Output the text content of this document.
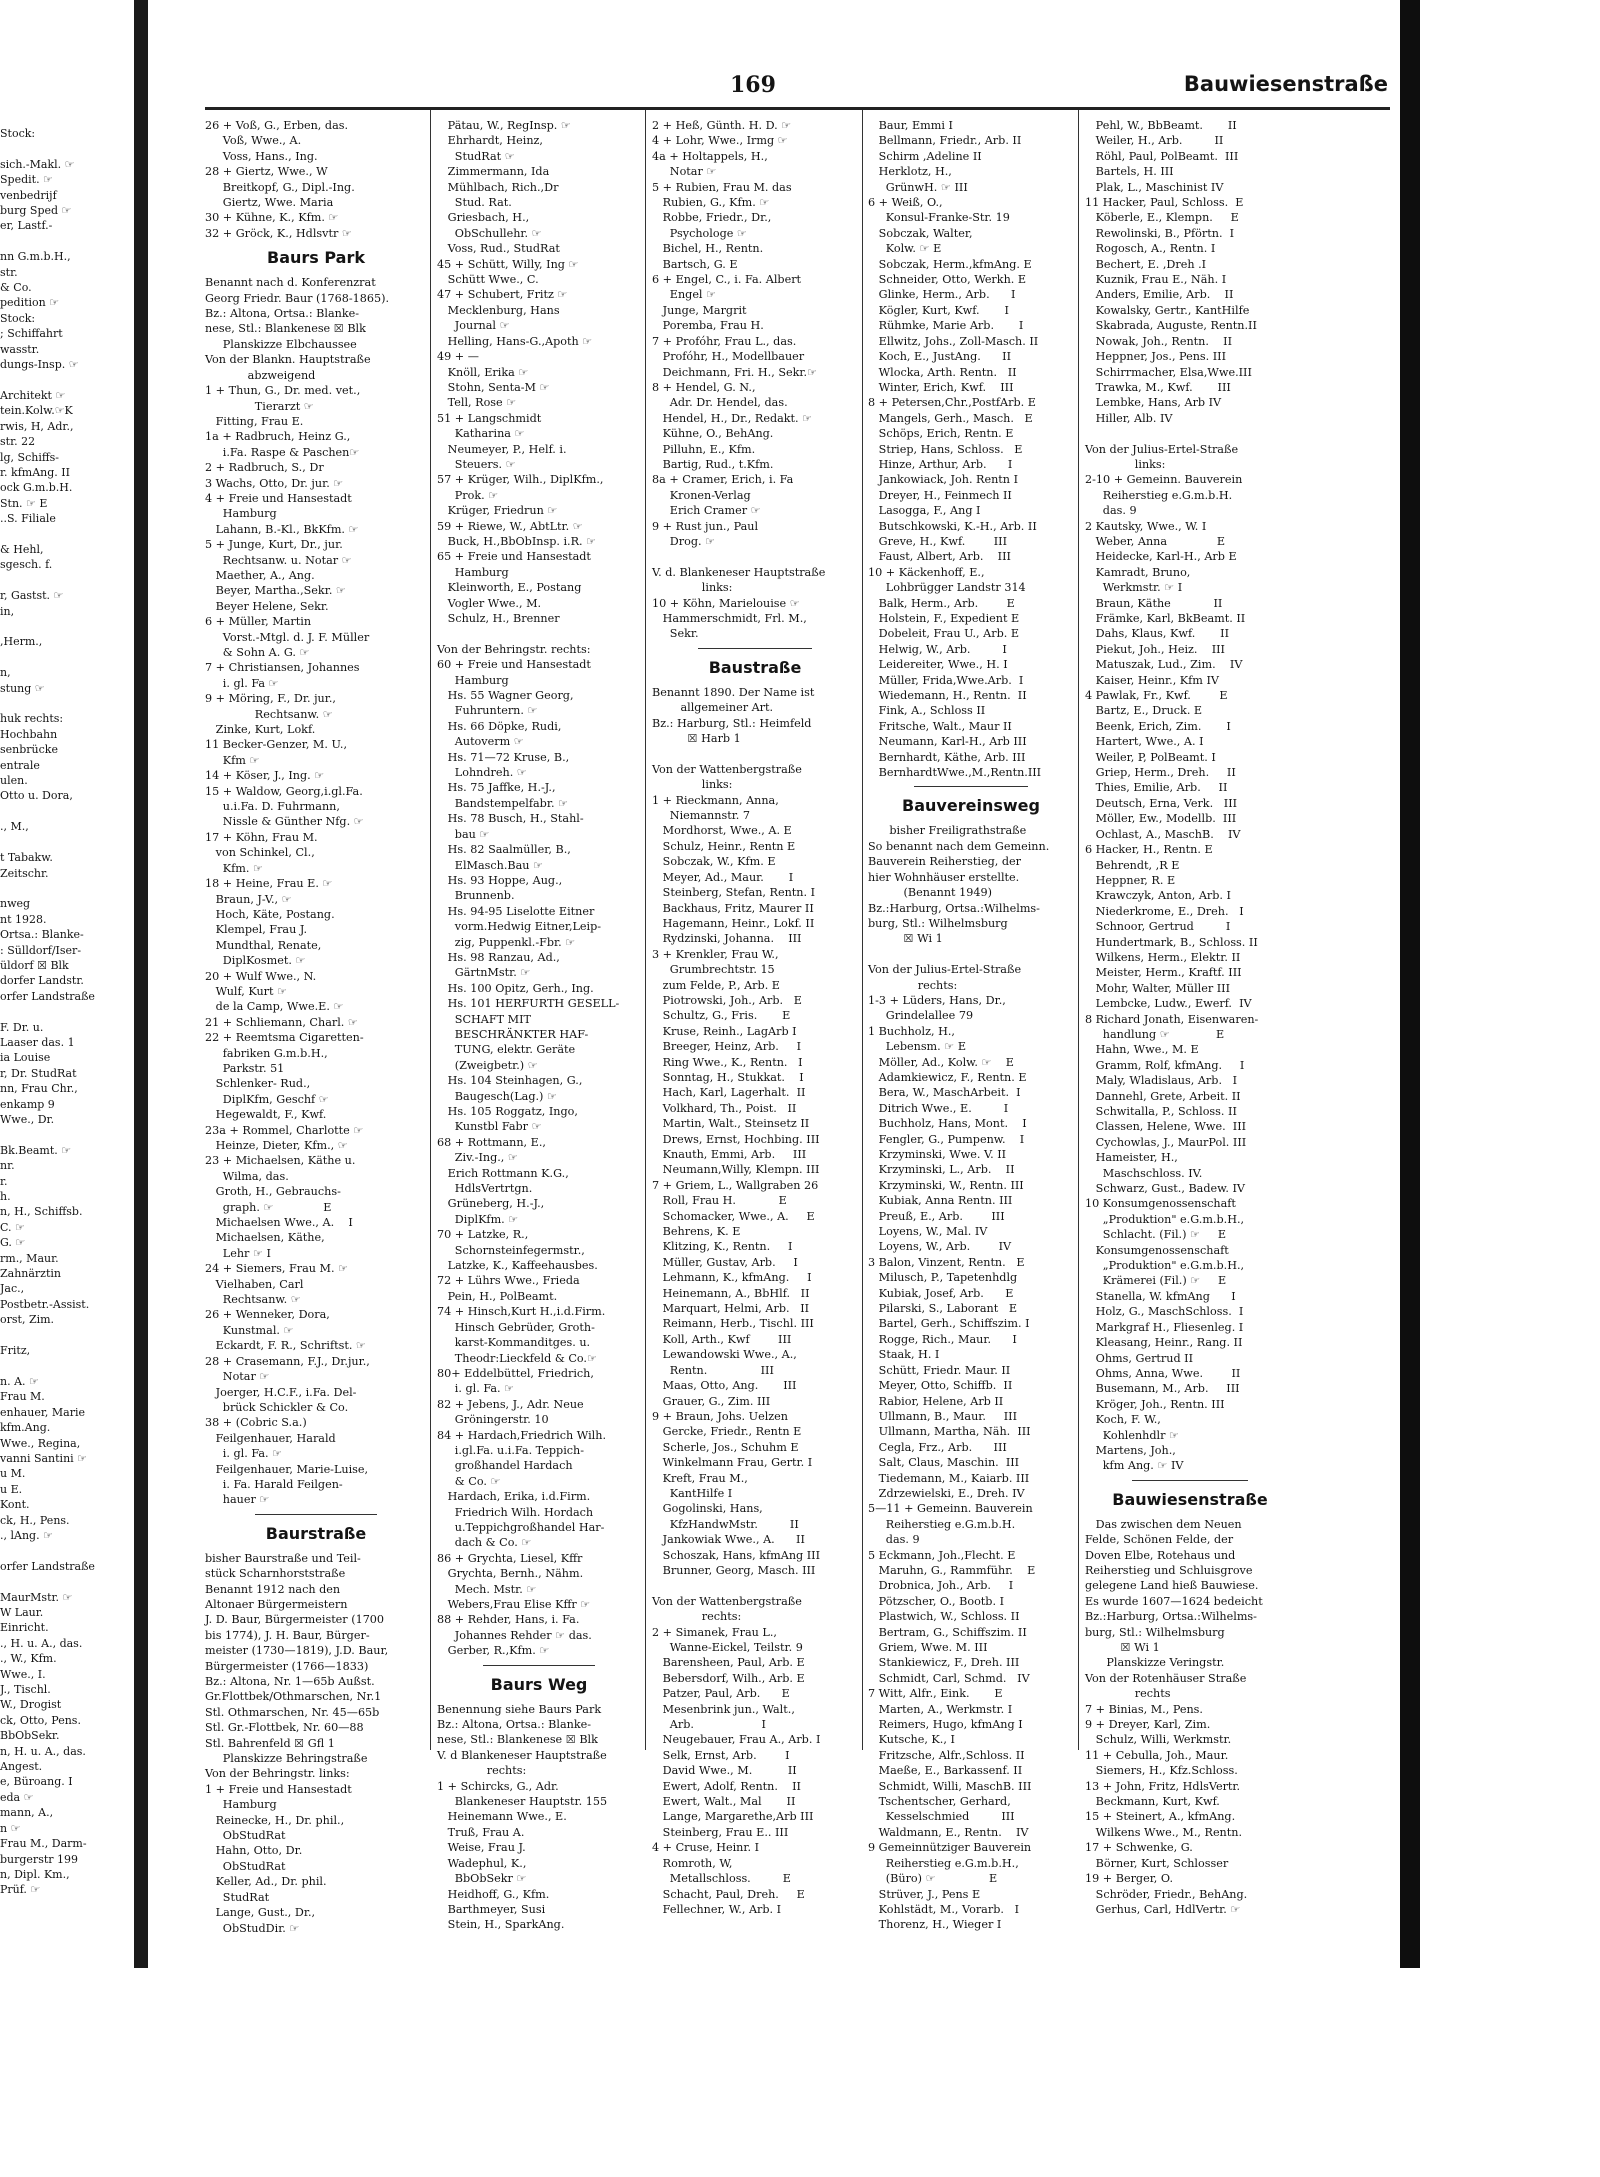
Stock:

sich.-Makl. ☞
Spedit. ☞
venbedrijf
burg Sped ☞
er, Lastf.-

nn G.m.b.H.,
str.
& Co.
pedition ☞
Stock:
; Schiffahrt
wasstr.
dungs-Insp. ☞

Architekt ☞
tein.Kolw.☞K
rwis, H, Adr.,
str. 22
lg, Schiffs-
r. kfmAng. II
ock G.m.b.H.
Stn. ☞ E
..S. Filiale

& Hehl,
sgesch. f.

r, Gastst. ☞
in,

,Herm.,

n,
stung ☞

huk rechts:
Hochbahn
senbrücke
entrale
ulen.
Otto u. Dora,

., M.,

t Tabakw.
Zeitschr.

nweg
nt 1928.
Ortsa.: Blanke-
: Sülldorf/Iser-
üldorf ☒ Blk
dorfer Landstr.
orfer Landstraße

F. Dr. u.
Laaser das. 1
ia Louise
r, Dr. StudRat
nn, Frau Chr.,
enkamp 9
Wwe., Dr.

Bk.Beamt. ☞
nr.
r.
h.
n, H., Schiffsb.
C. ☞
G. ☞
rm., Maur.
Zahnärztin
Jac.,
Postbetr.-Assist.
orst, Zim.

Fritz,

n. A. ☞
Frau M.
enhauer, Marie
kfm.Ang.
Wwe., Regina,
vanni Santini ☞
u M.
u E.
Kont.
ck, H., Pens.
., lAng. ☞

orfer Landstraße

MaurMstr. ☞
W Laur.
Einricht.
., H. u. A., das.
., W., Kfm.
Wwe., I.
J., Tischl.
W., Drogist
ck, Otto, Pens.
BbObSekr.
n, H. u. A., das.
Angest.
e, Büroang. I
eda ☞
mann, A.,
n ☞
Frau M., Darm-
burgerstr 199
n, Dipl. Km.,
Prüf. ☞
169	Bauwiesenstraße
26 + Voß, G., Erben, das.
Voß, Wwe., A.
Voss, Hans., Ing.
28 + Giertz, Wwe., W
Breitkopf, G., Dipl.-Ing.
Giertz, Wwe. Maria
30 + Kühne, K., Kfm. ☞
32 + Gröck, K., Hdlsvtr ☞
Baurs Park
Benannt nach d. Konferenzrat
Georg Friedr. Baur (1768-1865).
Bz.: Altona, Ortsa.: Blanke-
nese, Stl.: Blankenese ☒ Blk
Planskizze Elbchaussee
Von der Blankn. Hauptstraße
abzweigend
1 + Thun, G., Dr. med. vet.,
Tierarzt ☞
Fitting, Frau E.
1a + Radbruch, Heinz G.,
i.Fa. Raspe & Paschen☞
2 + Radbruch, S., Dr
3 Wachs, Otto, Dr. jur. ☞
4 + Freie und Hansestadt
Hamburg
Lahann, B.-Kl., BkKfm. ☞
5 + Junge, Kurt, Dr., jur.
Rechtsanw. u. Notar ☞
Maether, A., Ang.
Beyer, Martha.,Sekr. ☞
Beyer Helene, Sekr.
6 + Müller, Martin
Vorst.-Mtgl. d. J. F. Müller
& Sohn A. G. ☞
7 + Christiansen, Johannes
i. gl. Fa ☞
9 + Möring, F., Dr. jur.,
Rechtsanw. ☞
Zinke, Kurt, Lokf.
11 Becker-Genzer, M. U.,
Kfm ☞
14 + Köser, J., Ing. ☞
15 + Waldow, Georg,i.gl.Fa.
u.i.Fa. D. Fuhrmann,
Nissle & Günther Nfg. ☞
17 + Köhn, Frau M.
von Schinkel, Cl.,
Kfm. ☞
18 + Heine, Frau E. ☞
Braun, J-V., ☞
Hoch, Käte, Postang.
Klempel, Frau J.
Mundthal, Renate,
DiplKosmet. ☞
20 + Wulf Wwe., N.
Wulf, Kurt ☞
de la Camp, Wwe.E. ☞
21 + Schliemann, Charl. ☞
22 + Reemtsma Cigaretten-
fabriken G.m.b.H.,
Parkstr. 51
Schlenker- Rud.,
DiplKfm, Geschf ☞
Hegewaldt, F., Kwf.
23a + Rommel, Charlotte ☞
Heinze, Dieter, Kfm., ☞
23 + Michaelsen, Käthe u.
Wilma, das.
Groth, H., Gebrauchs-
graph. ☞              E
Michaelsen Wwe., A.    I
Michaelsen, Käthe,
Lehr ☞ I
24 + Siemers, Frau M. ☞
Vielhaben, Carl
Rechtsanw. ☞
26 + Wenneker, Dora,
Kunstmal. ☞
Eckardt, F. R., Schriftst. ☞
28 + Crasemann, F.J., Dr.jur.,
Notar ☞
Joerger, H.C.F., i.Fa. Del-
brück Schickler & Co.
38 + (Cobric S.a.)
Feilgenhauer, Harald
i. gl. Fa. ☞
Feilgenhauer, Marie-Luise,
i. Fa. Harald Feilgen-
hauer ☞
Baurstraße
bisher Baurstraße und Teil-
stück Scharnhorststraße
Benannt 1912 nach den
Altonaer Bürgermeistern
J. D. Baur, Bürgermeister (1700
bis 1774), J. H. Baur, Bürger-
meister (1730—1819), J.D. Baur,
Bürgermeister (1766—1833)
Bz.: Altona, Nr. 1—65b Außst.
Gr.Flottbek/Othmarschen, Nr.1
Stl. Othmarschen, Nr. 45—65b
Stl. Gr.-Flottbek, Nr. 60—88
Stl. Bahrenfeld ☒ Gfl 1
Planskizze Behringstraße
Von der Behringstr. links:
1 + Freie und Hansestadt
Hamburg
Reinecke, H., Dr. phil.,
ObStudRat
Hahn, Otto, Dr.
ObStudRat
Keller, Ad., Dr. phil.
StudRat
Lange, Gust., Dr.,
ObStudDir. ☞
Pätau, W., RegInsp. ☞
Ehrhardt, Heinz,
StudRat ☞
Zimmermann, Ida
Mühlbach, Rich.,Dr
Stud. Rat.
Griesbach, H.,
ObSchullehr. ☞
Voss, Rud., StudRat
45 + Schütt, Willy, Ing ☞
Schütt Wwe., C.
47 + Schubert, Fritz ☞
Mecklenburg, Hans
Journal ☞
Helling, Hans-G.,Apoth ☞
49 + —
Knöll, Erika ☞
Stohn, Senta-M ☞
Tell, Rose ☞
51 + Langschmidt
Katharina ☞
Neumeyer, P., Helf. i.
Steuers. ☞
57 + Krüger, Wilh., DiplKfm.,
Prok. ☞
Krüger, Friedrun ☞
59 + Riewe, W., AbtLtr. ☞
Buck, H.,BbObInsp. i.R. ☞
65 + Freie und Hansestadt
Hamburg
Kleinworth, E., Postang
Vogler Wwe., M.
Schulz, H., Brenner

Von der Behringstr. rechts:
60 + Freie und Hansestadt
Hamburg
Hs. 55 Wagner Georg,
Fuhruntern. ☞
Hs. 66 Döpke, Rudi,
Autoverm ☞
Hs. 71—72 Kruse, B.,
Lohndreh. ☞
Hs. 75 Jaffke, H.-J.,
Bandstempelfabr. ☞
Hs. 78 Busch, H., Stahl-
bau ☞
Hs. 82 Saalmüller, B.,
ElMasch.Bau ☞
Hs. 93 Hoppe, Aug.,
Brunnenb.
Hs. 94-95 Liselotte Eitner
vorm.Hedwig Eitner,Leip-
zig, Puppenkl.-Fbr. ☞
Hs. 98 Ranzau, Ad.,
GärtnMstr. ☞
Hs. 100 Opitz, Gerh., Ing.
Hs. 101 HERFURTH GESELL-
SCHAFT MIT
BESCHRÄNKTER HAF-
TUNG, elektr. Geräte
(Zweigbetr.) ☞
Hs. 104 Steinhagen, G.,
Baugesch(Lag.) ☞
Hs. 105 Roggatz, Ingo,
Kunstbl Fabr ☞
68 + Rottmann, E.,
Ziv.-Ing., ☞
Erich Rottmann K.G.,
HdlsVertrtgn.
Grüneberg, H.-J.,
DiplKfm. ☞
70 + Latzke, R.,
Schornsteinfegermstr.,
Latzke, K., Kaffeehausbes.
72 + Lührs Wwe., Frieda
Pein, H., PolBeamt.
74 + Hinsch,Kurt H.,i.d.Firm.
Hinsch Gebrüder, Groth-
karst-Kommanditges. u.
Theodr:Lieckfeld & Co.☞
80+ Eddelbüttel, Friedrich,
i. gl. Fa. ☞
82 + Jebens, J., Adr. Neue
Gröningerstr. 10
84 + Hardach,Friedrich Wilh.
i.gl.Fa. u.i.Fa. Teppich-
großhandel Hardach
& Co. ☞
Hardach, Erika, i.d.Firm.
Friedrich Wilh. Hordach
u.Teppichgroßhandel Har-
dach & Co. ☞
86 + Grychta, Liesel, Kffr
Grychta, Bernh., Nähm.
Mech. Mstr. ☞
Webers,Frau Elise Kffr ☞
88 + Rehder, Hans, i. Fa.
Johannes Rehder ☞ das.
Gerber, R.,Kfm. ☞
Baurs Weg
Benennung siehe Baurs Park
Bz.: Altona, Ortsa.: Blanke-
nese, Stl.: Blankenese ☒ Blk
V. d Blankeneser Hauptstraße
rechts:
1 + Schircks, G., Adr.
Blankeneser Hauptstr. 155
Heinemann Wwe., E.
Truß, Frau A.
Weise, Frau J.
Wadephul, K.,
BbObSekr ☞
Heidhoff, G., Kfm.
Barthmeyer, Susi
Stein, H., SparkAng.
2 + Heß, Günth. H. D. ☞
4 + Lohr, Wwe., Irmg ☞
4a + Holtappels, H.,
Notar ☞
5 + Rubien, Frau M. das
Rubien, G., Kfm. ☞
Robbe, Friedr., Dr.,
Psychologe ☞
Bichel, H., Rentn.
Bartsch, G. E
6 + Engel, C., i. Fa. Albert
Engel ☞
Junge, Margrit
Poremba, Frau H.
7 + Profóhr, Frau L., das.
Profóhr, H., Modellbauer
Deichmann, Fri. H., Sekr.☞
8 + Hendel, G. N.,
Adr. Dr. Hendel, das.
Hendel, H., Dr., Redakt. ☞
Kühne, O., BehAng.
Pilluhn, E., Kfm.
Bartig, Rud., t.Kfm.
8a + Cramer, Erich, i. Fa
Kronen-Verlag
Erich Cramer ☞
9 + Rust jun., Paul
Drog. ☞

V. d. Blankeneser Hauptstraße
links:
10 + Köhn, Marielouise ☞
Hammerschmidt, Frl. M.,
Sekr.
Baustraße
Benannt 1890. Der Name ist
allgemeiner Art.
Bz.: Harburg, Stl.: Heimfeld
☒ Harb 1

Von der Wattenbergstraße
links:
1 + Rieckmann, Anna,
Niemannstr. 7
Mordhorst, Wwe., A. E
Schulz, Heinr., Rentn E
Sobczak, W., Kfm. E
Meyer, Ad., Maur.       I
Steinberg, Stefan, Rentn. I
Backhaus, Fritz, Maurer II
Hagemann, Heinr., Lokf. II
Rydzinski, Johanna.    III
3 + Krenkler, Frau W.,
Grumbrechtstr. 15
zum Felde, P., Arb. E
Piotrowski, Joh., Arb.   E
Schultz, G., Fris.       E
Kruse, Reinh., LagArb I
Breeger, Heinz, Arb.     I
Ring Wwe., K., Rentn.   I
Sonntag, H., Stukkat.    I
Hach, Karl, Lagerhalt.  II
Volkhard, Th., Poist.   II
Martin, Walt., Steinsetz II
Drews, Ernst, Hochbing. III
Knauth, Emmi, Arb.     III
Neumann,Willy, Klempn. III
7 + Griem, L., Wallgraben 26
Roll, Frau H.            E
Schomacker, Wwe., A.     E
Behrens, K. E
Klitzing, K., Rentn.     I
Müller, Gustav, Arb.     I
Lehmann, K., kfmAng.     I
Heinemann, A., BbHlf.   II
Marquart, Helmi, Arb.   II
Reimann, Herb., Tischl. III
Koll, Arth., Kwf        III
Lewandowski Wwe., A.,
Rentn.               III
Maas, Otto, Ang.       III
Grauer, G., Zim. III
9 + Braun, Johs. Uelzen
Gercke, Friedr., Rentn E
Scherle, Jos., Schuhm E
Winkelmann Frau, Gertr. I
Kreft, Frau M.,
KantHilfe I
Gogolinski, Hans,
KfzHandwMstr.         II
Jankowiak Wwe., A.      II
Schoszak, Hans, kfmAng III
Brunner, Georg, Masch. III

Von der Wattenbergstraße
rechts:
2 + Simanek, Frau L.,
Wanne-Eickel, Teilstr. 9
Barensheen, Paul, Arb. E
Bebersdorf, Wilh., Arb. E
Patzer, Paul, Arb.      E
Mesenbrink jun., Walt.,
Arb.                   I
Neugebauer, Frau A., Arb. I
Selk, Ernst, Arb.        I
David Wwe., M.          II
Ewert, Adolf, Rentn.    II
Ewert, Walt., Mal       II
Lange, Margarethe,Arb III
Steinberg, Frau E.. III
4 + Cruse, Heinr. I
Romroth, W,
Metallschloss.         E
Schacht, Paul, Dreh.     E
Fellechner, W., Arb. I
Baur, Emmi I
Bellmann, Friedr., Arb. II
Schirm ,Adeline II
Herklotz, H.,
GrünwH. ☞ III
6 + Weiß, O.,
Konsul-Franke-Str. 19
Sobczak, Walter,
Kolw. ☞ E
Sobczak, Herm.,kfmAng. E
Schneider, Otto, Werkh. E
Glinke, Herm., Arb.      I
Kögler, Kurt, Kwf.       I
Rühmke, Marie Arb.       I
Ellwitz, Johs., Zoll-Masch. II
Koch, E., JustAng.      II
Wlocka, Arth. Rentn.   II
Winter, Erich, Kwf.    III
8 + Petersen,Chr.,PostfArb. E
Mangels, Gerh., Masch.   E
Schöps, Erich, Rentn. E
Striep, Hans, Schloss.   E
Hinze, Arthur, Arb.      I
Jankowiack, Joh. Rentn I
Dreyer, H., Feinmech II
Lasogga, F., Ang I
Butschkowski, K.-H., Arb. II
Greve, H., Kwf.        III
Faust, Albert, Arb.    III
10 + Käckenhoff, E.,
Lohbrügger Landstr 314
Balk, Herm., Arb.        E
Holstein, F., Expedient E
Dobeleit, Frau U., Arb. E
Helwig, W., Arb.         I
Leidereiter, Wwe., H. I
Müller, Frida,Wwe.Arb.  I
Wiedemann, H., Rentn.  II
Fink, A., Schloss II
Fritsche, Walt., Maur II
Neumann, Karl-H., Arb III
Bernhardt, Käthe, Arb. III
BernhardtWwe.,M.,Rentn.III
Bauvereinsweg
bisher Freiligrathstraße
So benannt nach dem Gemeinn.
Bauverein Reiherstieg, der
hier Wohnhäuser erstellte.
(Benannt 1949)
Bz.:Harburg, Ortsa.:Wilhelms-
burg, Stl.: Wilhelmsburg
☒ Wi 1

Von der Julius-Ertel-Straße
rechts:
1-3 + Lüders, Hans, Dr.,
Grindelallee 79
1 Buchholz, H.,
Lebensm. ☞ E
Möller, Ad., Kolw. ☞    E
Adamkiewicz, F., Rentn. E
Bera, W., MaschArbeit.  I
Ditrich Wwe., E.         I
Buchholz, Hans, Mont.    I
Fengler, G., Pumpenw.    I
Krzyminski, Wwe. V. II
Krzyminski, L., Arb.    II
Krzyminski, W., Rentn. III
Kubiak, Anna Rentn. III
Preuß, E., Arb.        III
Loyens, W., Mal. IV
Loyens, W., Arb.        IV
3 Balon, Vinzent, Rentn.   E
Milusch, P., Tapetenhdlg
Kubiak, Josef, Arb.      E
Pilarski, S., Laborant   E
Bartel, Gerh., Schiffszim. I
Rogge, Rich., Maur.      I
Staak, H. I
Schütt, Friedr. Maur. II
Meyer, Otto, Schiffb.  II
Rabior, Helene, Arb II
Ullmann, B., Maur.     III
Ullmann, Martha, Näh.  III
Cegla, Frz., Arb.      III
Salt, Claus, Maschin.  III
Tiedemann, M., Kaiarb. III
Zdrzewielski, E., Dreh. IV
5—11 + Gemeinn. Bauverein
Reiherstieg e.G.m.b.H.
das. 9
5 Eckmann, Joh.,Flecht. E
Maruhn, G., Rammführ.    E
Drobnica, Joh., Arb.     I
Pötzscher, O., Bootb. I
Plastwich, W., Schloss. II
Bertram, G., Schiffszim. II
Griem, Wwe. M. III
Stankiewicz, F., Dreh. III
Schmidt, Carl, Schmd.   IV
7 Witt, Alfr., Eink.       E
Marten, A., Werkmstr. I
Reimers, Hugo, kfmAng I
Kutsche, K., I
Fritzsche, Alfr.,Schloss. II
Maeße, E., Barkassenf. II
Schmidt, Willi, MaschB. III
Tschentscher, Gerhard,
Kesselschmied         III
Waldmann, E., Rentn.    IV
9 Gemeinnütziger Bauverein
Reiherstieg e.G.m.b.H.,
(Büro) ☞               E
Strüver, J., Pens E
Kohlstädt, M., Vorarb.   I
Thorenz, H., Wieger I
Pehl, W., BbBeamt.       II
Weiler, H., Arb.         II
Röhl, Paul, PolBeamt.  III
Bartels, H. III
Plak, L., Maschinist IV
11 Hacker, Paul, Schloss.  E
Köberle, E., Klempn.     E
Rewolinski, B., Pförtn.  I
Rogosch, A., Rentn. I
Bechert, E. ,Dreh .I
Kuznik, Frau E., Näh. I
Anders, Emilie, Arb.    II
Kowalsky, Gertr., KantHilfe
Skabrada, Auguste, Rentn.II
Nowak, Joh., Rentn.    II
Heppner, Jos., Pens. III
Schirrmacher, Elsa,Wwe.III
Trawka, M., Kwf.       III
Lembke, Hans, Arb IV
Hiller, Alb. IV

Von der Julius-Ertel-Straße
links:
2-10 + Gemeinn. Bauverein
Reiherstieg e.G.m.b.H.
das. 9
2 Kautsky, Wwe., W. I
Weber, Anna              E
Heidecke, Karl-H., Arb E
Kamradt, Bruno,
Werkmstr. ☞ I
Braun, Käthe            II
Främke, Karl, BkBeamt. II
Dahs, Klaus, Kwf.       II
Piekut, Joh., Heiz.    III
Matuszak, Lud., Zim.    IV
Kaiser, Heinr., Kfm IV
4 Pawlak, Fr., Kwf.        E
Bartz, E., Druck. E
Beenk, Erich, Zim.       I
Hartert, Wwe., A. I
Weiler, P, PolBeamt. I
Griep, Herm., Dreh.     II
Thies, Emilie, Arb.     II
Deutsch, Erna, Verk.   III
Möller, Ew., Modellb.  III
Ochlast, A., MaschB.    IV
6 Hacker, H., Rentn. E
Behrendt, ,R E
Heppner, R. E
Krawczyk, Anton, Arb. I
Niederkrome, E., Dreh.   I
Schnoor, Gertrud         I
Hundertmark, B., Schloss. II
Wilkens, Herm., Elektr. II
Meister, Herm., Kraftf. III
Mohr, Walter, Müller III
Lembcke, Ludw., Ewerf.  IV
8 Richard Jonath, Eisenwaren-
handlung ☞             E
Hahn, Wwe., M. E
Gramm, Rolf, kfmAng.     I
Maly, Wladislaus, Arb.   I
Dannehl, Grete, Arbeit. II
Schwitalla, P., Schloss. II
Classen, Helene, Wwe.  III
Cychowlas, J., MaurPol. III
Hameister, H.,
Maschschloss. IV.
Schwarz, Gust., Badew. IV
10 Konsumgenossenschaft
„Produktion" e.G.m.b.H.,
Schlacht. (Fil.) ☞     E
Konsumgenossenschaft
„Produktion" e.G.m.b.H.,
Krämerei (Fil.) ☞     E
Stanella, W. kfmAng      I
Holz, G., MaschSchloss.  I
Markgraf H., Fliesenleg. I
Kleasang, Heinr., Rang. II
Ohms, Gertrud II
Ohms, Anna, Wwe.        II
Busemann, M., Arb.     III
Kröger, Joh., Rentn. III
Koch, F. W.,
Kohlenhdlr ☞
Martens, Joh.,
kfm Ang. ☞ IV
Bauwiesenstraße
Das zwischen dem Neuen
Felde, Schönen Felde, der
Doven Elbe, Rotehaus und
Reiherstieg und Schluisgrove
gelegene Land hieß Bauwiese.
Es wurde 1607—1624 bedeicht
Bz.:Harburg, Ortsa.:Wilhelms-
burg, Stl.: Wilhelmsburg
☒ Wi 1
Planskizze Veringstr.
Von der Rotenhäuser Straße
rechts
7 + Binias, M., Pens.
9 + Dreyer, Karl, Zim.
Schulz, Willi, Werkmstr.
11 + Cebulla, Joh., Maur.
Siemers, H., Kfz.Schloss.
13 + John, Fritz, HdlsVertr.
Beckmann, Kurt, Kwf.
15 + Steinert, A., kfmAng.
Wilkens Wwe., M., Rentn.
17 + Schwenke, G.
Börner, Kurt, Schlosser
19 + Berger, O.
Schröder, Friedr., BehAng.
Gerhus, Carl, HdlVertr. ☞
